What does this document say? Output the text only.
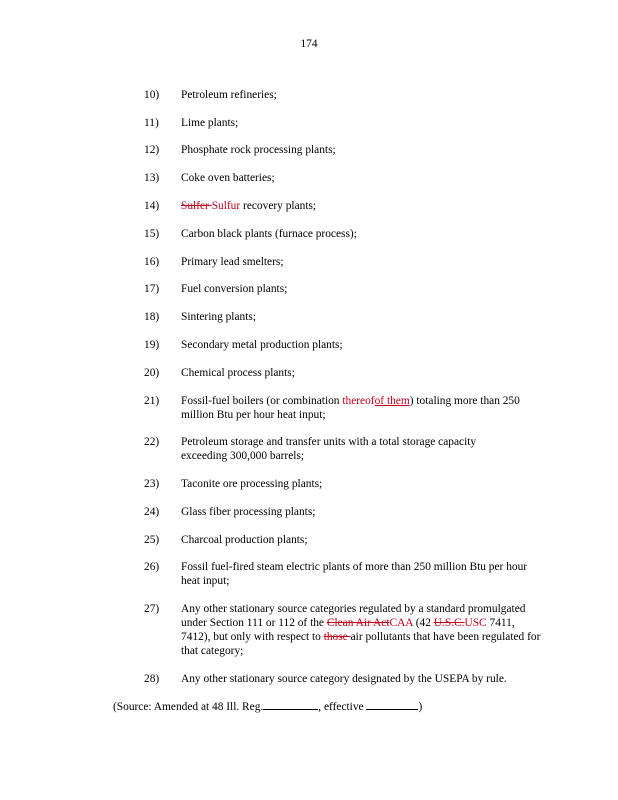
174
10)	Petroleum refineries;
11)	Lime plants;
12)	Phosphate rock processing plants;
13)	Coke oven batteries;
14)	Sulfer Sulfur recovery plants;
15)	Carbon black plants (furnace process);
16)	Primary lead smelters;
17)	Fuel conversion plants;
18)	Sintering plants;
19)	Secondary metal production plants;
20)	Chemical process plants;
21)	Fossil-fuel boilers (or combination thereofof them) totaling more than 250 million Btu per hour heat input;
22)	Petroleum storage and transfer units with a total storage capacity exceeding 300,000 barrels;
23)	Taconite ore processing plants;
24)	Glass fiber processing plants;
25)	Charcoal production plants;
26)	Fossil fuel-fired steam electric plants of more than 250 million Btu per hour heat input;
27)	Any other stationary source categories regulated by a standard promulgated under Section 111 or 112 of the Clean Air ActCAA (42 U.S.C.USC 7411, 7412), but only with respect to those air pollutants that have been regulated for that category;
28)	Any other stationary source category designated by the USEPA by rule.
(Source: Amended at 48 Ill. Reg.	, effective	)
